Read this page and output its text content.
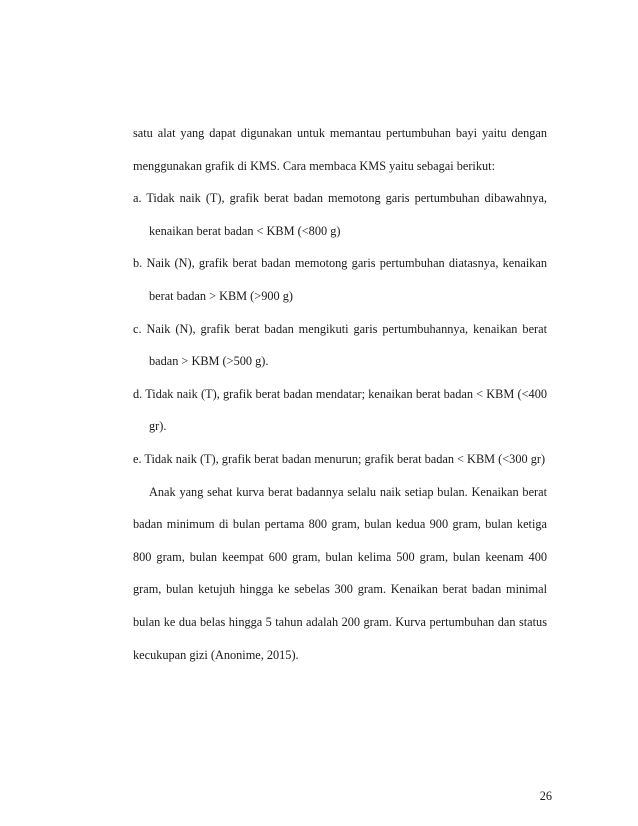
satu alat yang dapat digunakan untuk memantau pertumbuhan bayi yaitu dengan menggunakan grafik di KMS. Cara membaca KMS yaitu sebagai berikut:

a. Tidak naik (T), grafik berat badan memotong garis pertumbuhan dibawahnya, kenaikan berat badan < KBM (<800 g)

b. Naik (N), grafik berat badan memotong garis pertumbuhan diatasnya, kenaikan berat badan > KBM (>900 g)

c. Naik (N), grafik berat badan mengikuti garis pertumbuhannya, kenaikan berat badan > KBM (>500 g).

d. Tidak naik (T), grafik berat badan mendatar; kenaikan berat badan < KBM (<400 gr).

e. Tidak naik (T), grafik berat badan menurun; grafik berat badan < KBM (<300 gr)

Anak yang sehat kurva berat badannya selalu naik setiap bulan. Kenaikan berat badan minimum di bulan pertama 800 gram, bulan kedua 900 gram, bulan ketiga 800 gram, bulan keempat 600 gram, bulan kelima 500 gram, bulan keenam 400 gram, bulan ketujuh hingga ke sebelas 300 gram. Kenaikan berat badan minimal bulan ke dua belas hingga 5 tahun adalah 200 gram. Kurva pertumbuhan dan status kecukupan gizi (Anonime, 2015).

26
